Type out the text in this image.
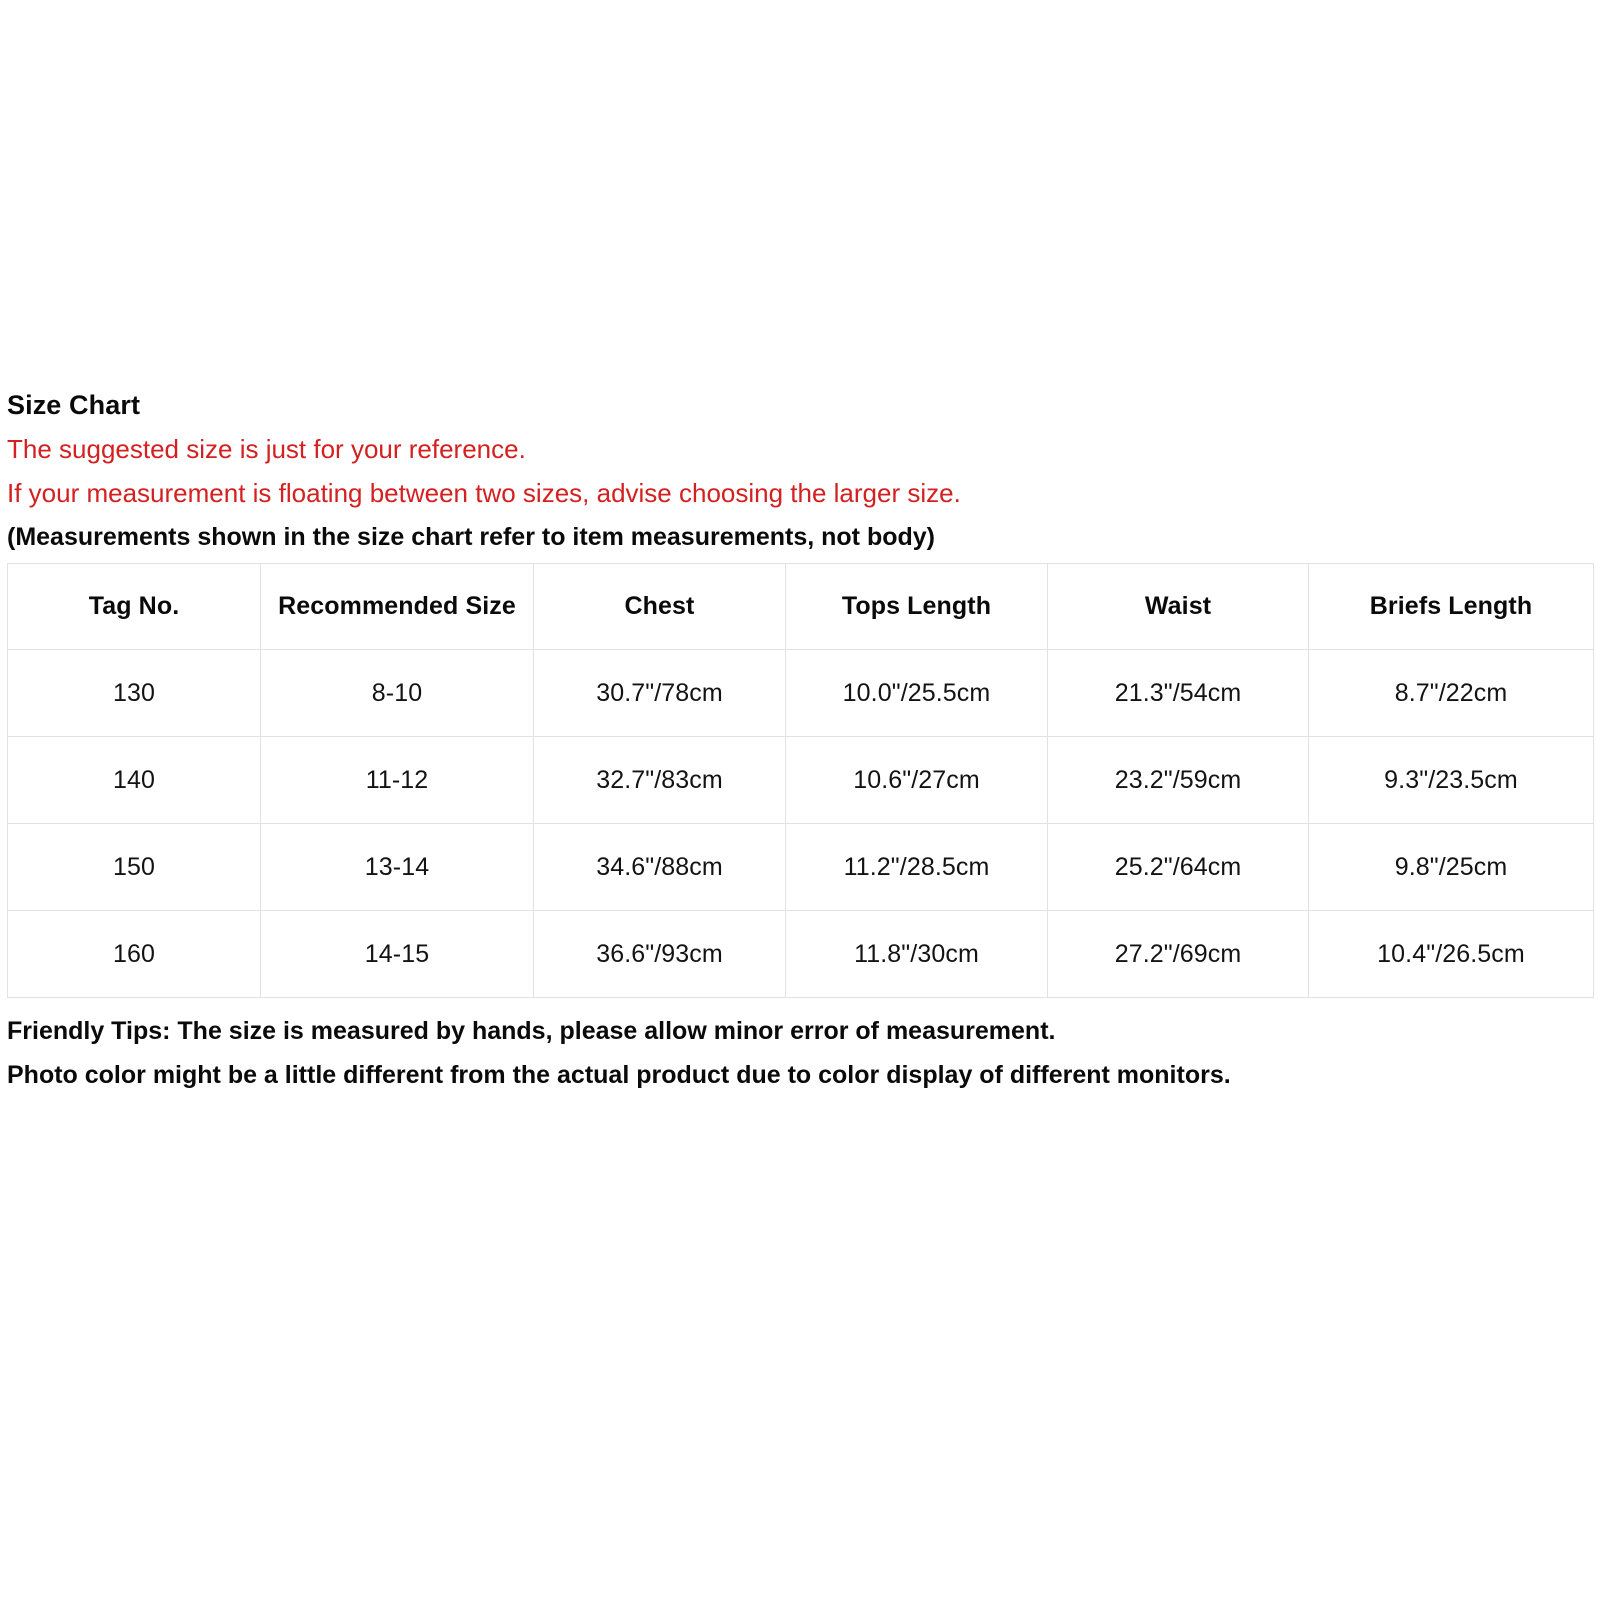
Size Chart
The suggested size is just for your reference.
If your measurement is floating between two sizes, advise choosing the larger size.
(Measurements shown in the size chart refer to item measurements, not body)
Tag No.	Recommended Size	Chest	Tops Length	Waist	Briefs Length
130	8-10	30.7"/78cm	10.0"/25.5cm	21.3"/54cm	8.7"/22cm
140	11-12	32.7"/83cm	10.6"/27cm	23.2"/59cm	9.3"/23.5cm
150	13-14	34.6"/88cm	11.2"/28.5cm	25.2"/64cm	9.8"/25cm
160	14-15	36.6"/93cm	11.8"/30cm	27.2"/69cm	10.4"/26.5cm
Friendly Tips: The size is measured by hands, please allow minor error of measurement.
Photo color might be a little different from the actual product due to color display of different monitors.
